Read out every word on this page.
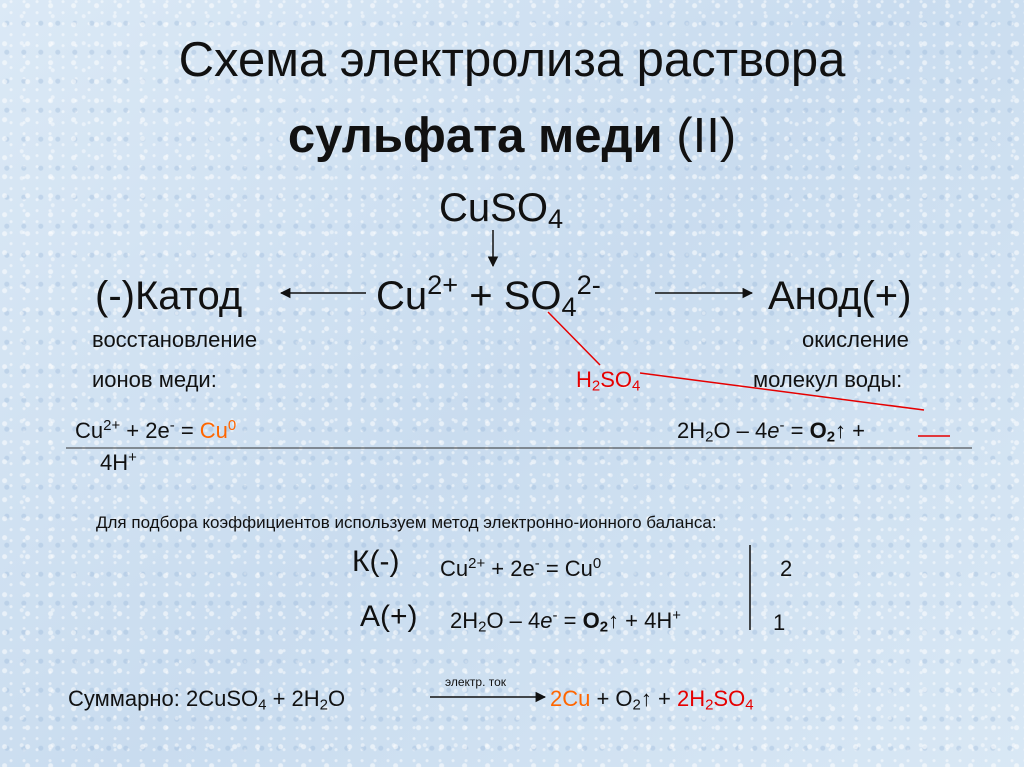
Схема электролиза раствора
сульфата меди (II)
CuSO$_4$
(-)Катод	$Cu^{2+} + SO_4^{2-}$	Анод(+)
восстановление
ионов меди:
окисление
молекул воды:
$H_2SO_4$
$Cu^{2+} + 2e^- = Cu^0$
4H+
$2H_2O - 4e^-$ = $O_2↑$ +
Для подбора коэффициентов используем метод электронно-ионного баланса:
К(-) $Cu^{2+} + 2e^- = Cu^0$	2
А(+) $2H_2O - 4e^-$ = $O_2↑ + 4H^+$	1
электр. ток
Суммарно: 2CuSO$_4$ + $2H_2O$	$2Cu + O_2↑ + 2H_2SO_4$
